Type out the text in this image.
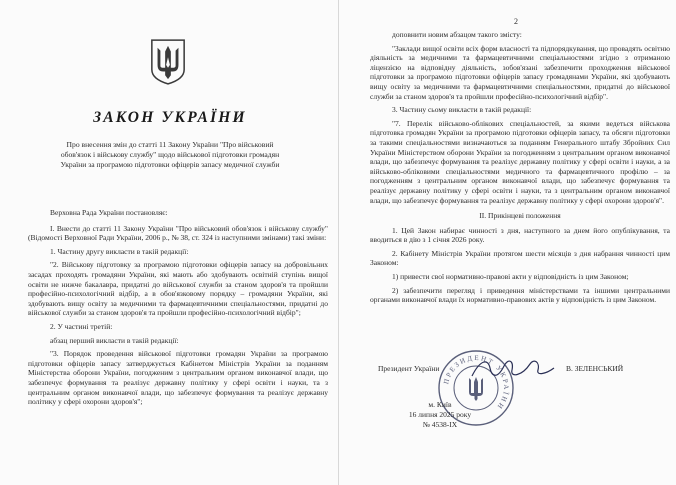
ЗАКОН УКРАЇНИ
Про внесення змін до статті 11 Закону України "Про військовий обов'язок і військову службу" щодо військової підготовки громадян України за програмою підготовки офіцерів запасу медичної служби

Верховна Рада України постановляє:

I. Внести до статті 11 Закону України "Про військовий обов'язок і військову службу" (Відомості Верховної Ради України, 2006 р., № 38, ст. 324 із наступними змінами) такі зміни:

1. Частину другу викласти в такій редакції:

"2. Військову підготовку за програмою підготовки офіцерів запасу на добровільних засадах проходять громадяни України, які мають або здобувають освітній ступінь вищої освіти не нижче бакалавра, придатні до військової служби за станом здоров'я та пройшли професійно-психологічний відбір, а в обов'язковому порядку – громадяни України, які здобувають вищу освіту за медичними та фармацевтичними спеціальностями, придатні до військової служби за станом здоров'я та пройшли професійно-психологічний відбір";

2. У частині третій:

абзац перший викласти в такій редакції:

"3. Порядок проведення військової підготовки громадян України за програмою підготовки офіцерів запасу затверджується Кабінетом Міністрів України за поданням Міністерства оборони України, погодженим з центральним органом виконавчої влади, що забезпечує формування та реалізує державну політику у сфері освіти і науки, та з центральним органом виконавчої влади, що забезпечує формування та реалізує державну політику у сфері охорони здоров'я";

2

доповнити новим абзацом такого змісту:

"Заклади вищої освіти всіх форм власності та підпорядкування, що провадять освітню діяльність за медичними та фармацевтичними спеціальностями згідно з отриманою ліцензією на відповідну діяльність, зобов'язані забезпечити проходження військової підготовки за програмою підготовки офіцерів запасу громадянами України, які здобувають вищу освіту за медичними та фармацевтичними спеціальностями, придатні до військової служби за станом здоров'я та пройшли професійно-психологічний відбір".

3. Частину сьому викласти в такій редакції:

"7. Перелік військово-облікових спеціальностей, за якими ведеться військова підготовка громадян України за програмою підготовки офіцерів запасу, та обсяги підготовки за такими спеціальностями визначаються за поданням Генерального штабу Збройних Сил України Міністерством оборони України за погодженням з центральним органом виконавчої влади, що забезпечує формування та реалізує державну політику у сфері освіти і науки, а за військово-обліковими спеціальностями медичного та фармацевтичного профілю – за погодженням з центральним органом виконавчої влади, що забезпечує формування та реалізує державну політику у сфері освіти і науки, та з центральним органом виконавчої влади, що забезпечує формування та реалізує державну політику у сфері охорони здоров'я".

II. Прикінцеві положення

1. Цей Закон набирає чинності з дня, наступного за днем його опублікування, та вводиться в дію з 1 січня 2026 року.

2. Кабінету Міністрів України протягом шести місяців з дня набрання чинності цим Законом:

1) привести свої нормативно-правові акти у відповідність із цим Законом;

2) забезпечити перегляд і приведення міністерствами та іншими центральними органами виконавчої влади їх нормативно-правових актів у відповідність із цим Законом.

ПРЕЗИДЕНТ УКРАЇНИ
Президент України	В. ЗЕЛЕНСЬКИЙ
м. Київ
16 липня 2025 року
№ 4538-IX
